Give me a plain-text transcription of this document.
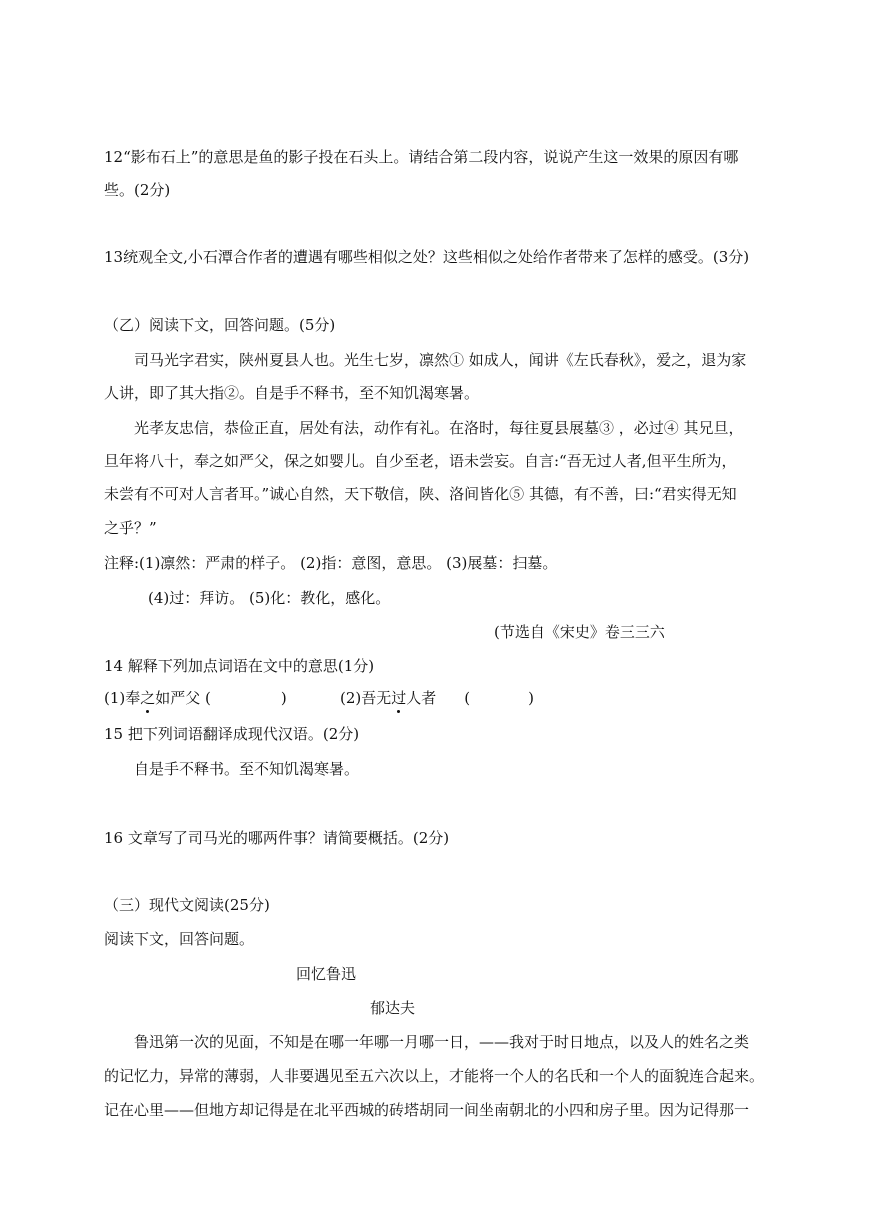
12“影布石上”的意思是鱼的影子投在石头上。请结合第二段内容，说说产生这一效果的原因有哪
些。(2分)
13统观全文,小石潭合作者的遭遇有哪些相似之处？这些相似之处给作者带来了怎样的感受。(3分)
（乙）阅读下文，回答问题。(5分)
司马光字君实，陕州夏县人也。光生七岁，凛然① 如成人，闻讲《左氏春秋》，爱之，退为家
人讲，即了其大指②。自是手不释书，至不知饥渴寒暑。
光孝友忠信，恭俭正直，居处有法，动作有礼。在洛时，每往夏县展墓③ ，必过④ 其兄旦，
旦年将八十，奉之如严父，保之如婴儿。自少至老，语未尝妄。自言:“吾无过人者,但平生所为，
未尝有不可对人言者耳。”诚心自然，天下敬信，陕、洛间皆化⑤ 其德，有不善，曰:“君实得无知
之乎？”
注释:(1)凛然：严肃的样子。 (2)指：意图，意思。 (3)展墓：扫墓。
(4)过：拜访。 (5)化：教化，感化。
(节选自《宋史》卷三三六
14 解释下列加点词语在文中的意思(1分)
(1)奉之如严父 (	)	(2)吾无过人者 (	)
15 把下列词语翻译成现代汉语。(2分)
自是手不释书。至不知饥渴寒暑。
16 文章写了司马光的哪两件事？请简要概括。(2分)
（三）现代文阅读(25分)
阅读下文，回答问题。
回忆鲁迅
郁达夫
鲁迅第一次的见面，不知是在哪一年哪一月哪一日，——我对于时日地点，以及人的姓名之类
的记忆力，异常的薄弱，人非要遇见至五六次以上，才能将一个人的名氏和一个人的面貌连合起来。
记在心里——但地方却记得是在北平西城的砖塔胡同一间坐南朝北的小四和房子里。因为记得那一
